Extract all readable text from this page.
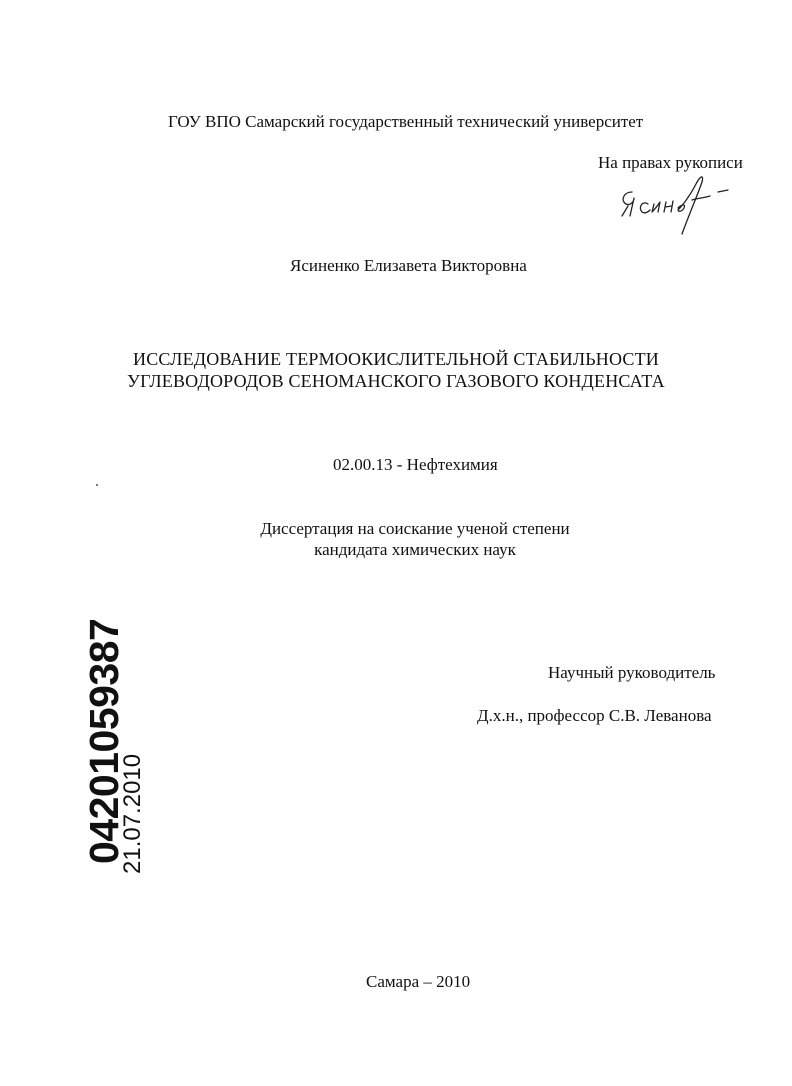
ГОУ ВПО Самарский государственный технический университет
На правах рукописи
Ясиненко Елизавета Викторовна
ИССЛЕДОВАНИЕ ТЕРМООКИСЛИТЕЛЬНОЙ СТАБИЛЬНОСТИ
УГЛЕВОДОРОДОВ СЕНОМАНСКОГО ГАЗОВОГО КОНДЕНСАТА
02.00.13 - Нефтехимия
Диссертация на соискание ученой степени
кандидата химических наук
04201059387
21.07.2010
Научный руководитель
Д.х.н., профессор С.В. Леванова
Самара – 2010
